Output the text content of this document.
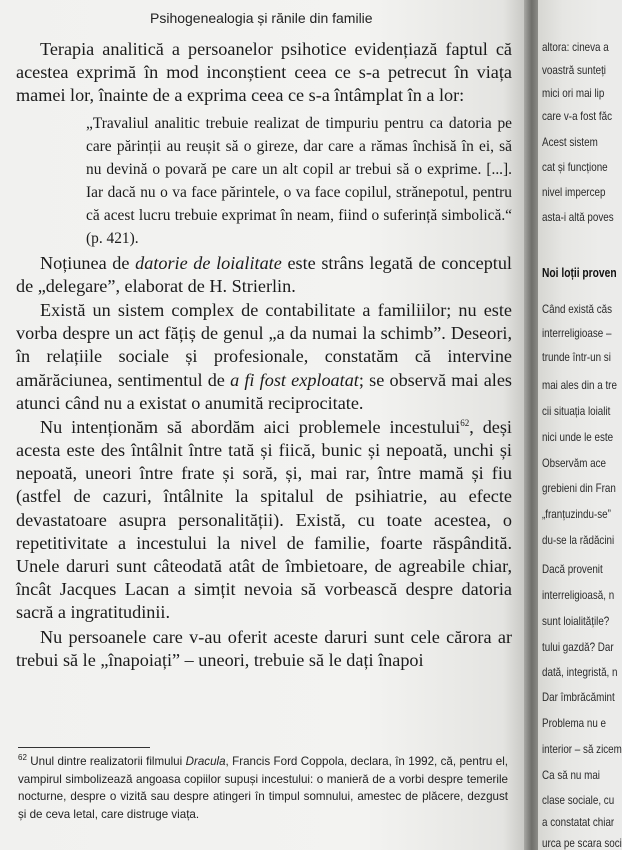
Psihogenealogia și rănile din familie

Terapia analitică a persoanelor psihotice evidențiază faptul că acestea exprimă în mod inconștient ceea ce s-a petrecut în viața mamei lor, înainte de a exprima ceea ce s-a întâmplat în a lor:

„Travaliul analitic trebuie realizat de timpuriu pentru ca datoria pe care părinții au reușit să o gireze, dar care a rămas închisă în ei, să nu devină o povară pe care un alt copil ar trebui să o exprime. [...]. Iar dacă nu o va face părintele, o va face copilul, strănepotul, pentru că acest lucru trebuie exprimat în neam, fiind o suferință simbolică.“ (p. 421).

Noțiunea de datorie de loialitate este strâns legată de conceptul de „delegare”, elaborat de H. Strierlin.

Există un sistem complex de contabilitate a familiilor; nu este vorba despre un act fățiș de genul „a da numai la schimb”. Deseori, în relațiile sociale și profesionale, constatăm că intervine amărăciunea, sentimentul de a fi fost exploatat; se observă mai ales atunci când nu a existat o anumită reciprocitate.

Nu intenționăm să abordăm aici problemele incestului$^{62}$, deși acesta este des întâlnit între tată și fiică, bunic și nepoată, unchi și nepoată, uneori între frate și soră, și, mai rar, între mamă și fiu (astfel de cazuri, întâlnite la spitalul de psihiatrie, au efecte devastatoare asupra personalității). Există, cu toate acestea, o repetitivitate a incestului la nivel de familie, foarte răspândită. Unele daruri sunt câteodată atât de îmbietoare, de agreabile chiar, încât Jacques Lacan a simțit nevoia să vorbească despre datoria sacră a ingratitudinii.

Nu persoanele care v-au oferit aceste daruri sunt cele cărora ar trebui să le „înapoiați” – uneori, trebuie să le dați înapoi

$^{62}$ Unul dintre realizatorii filmului Dracula, Francis Ford Coppola, declara, în 1992, că, pentru el, vampirul simbolizează angoasa copiilor supuși incestului: o manieră de a vorbi despre temerile nocturne, despre o vizită sau despre atingeri în timpul somnului, amestec de plăcere, dezgust și de ceva letal, care distruge viața.
altora: cineva a
voastră sunteți
mici ori mai lip
care v-a fost făc
Acest sistem
cat și funcțione
nivel impercep
asta-i altă poves
Noi loții proven
Când există căs
interreligioase –
trunde într-un si
mai ales din a tre
cii situația loialit
nici unde le este
Observăm ace
grebieni din Fran
„franțuzindu-se”
du-se la rădăcini
Dacă provenit
interreligioasă, n
sunt loialitățile?
tului gazdă? Dar
dată, integristă, n
Dar îmbrăcămint
Problema nu e
interior – să zicem
Ca să nu mai
clase sociale, cu
a constatat chiar
urca pe scara soci
